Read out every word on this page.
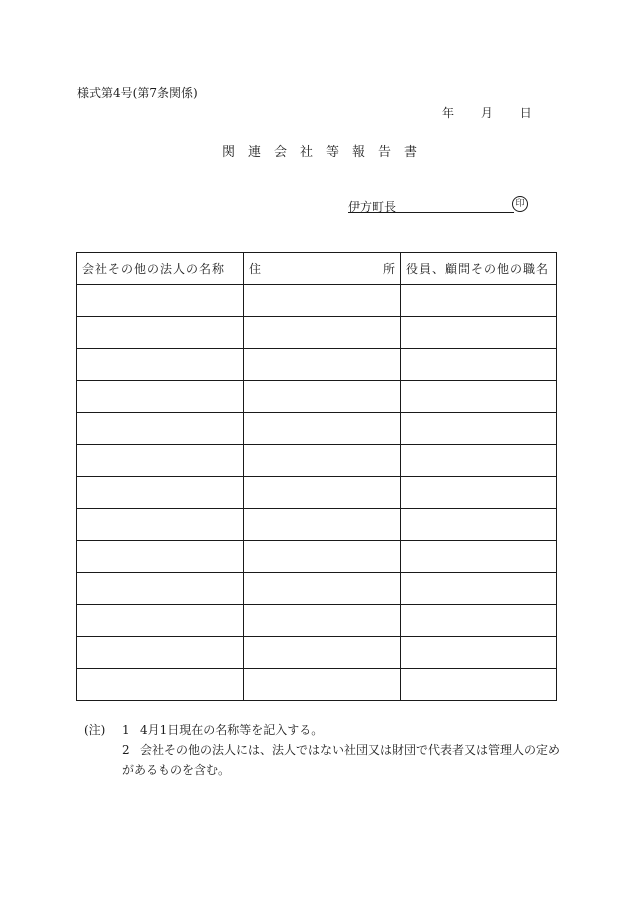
様式第4号(第7条関係)
年 月 日
関連会社等報告書
伊方町長	印
会社その他の法人の名称	住 所	役員、顧問その他の職名

(注) 1 4月1日現在の名称等を記入する。
2 会社その他の法人には、法人ではない社団又は財団で代表者又は管理人の定め
があるものを含む。
